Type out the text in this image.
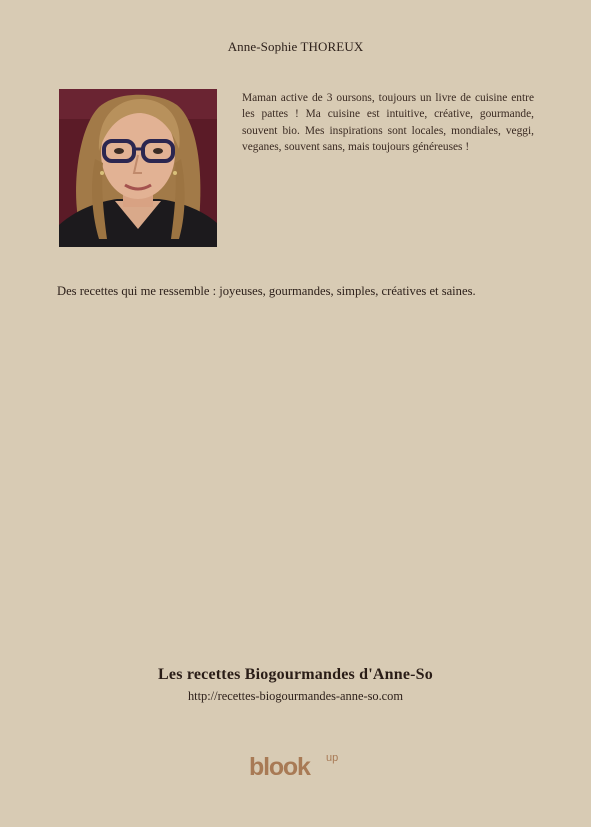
Anne-Sophie THOREUX
Maman active de 3 oursons, toujours un livre de cuisine entre les pattes ! Ma cuisine est intuitive, créative, gourmande, souvent bio. Mes inspirations sont locales, mondiales, veggi, veganes, souvent sans, mais toujours généreuses !
Des recettes qui me ressemble : joyeuses, gourmandes, simples, créatives et saines.
Les recettes Biogourmandes d'Anne-So
http://recettes-biogourmandes-anne-so.com
blook up
